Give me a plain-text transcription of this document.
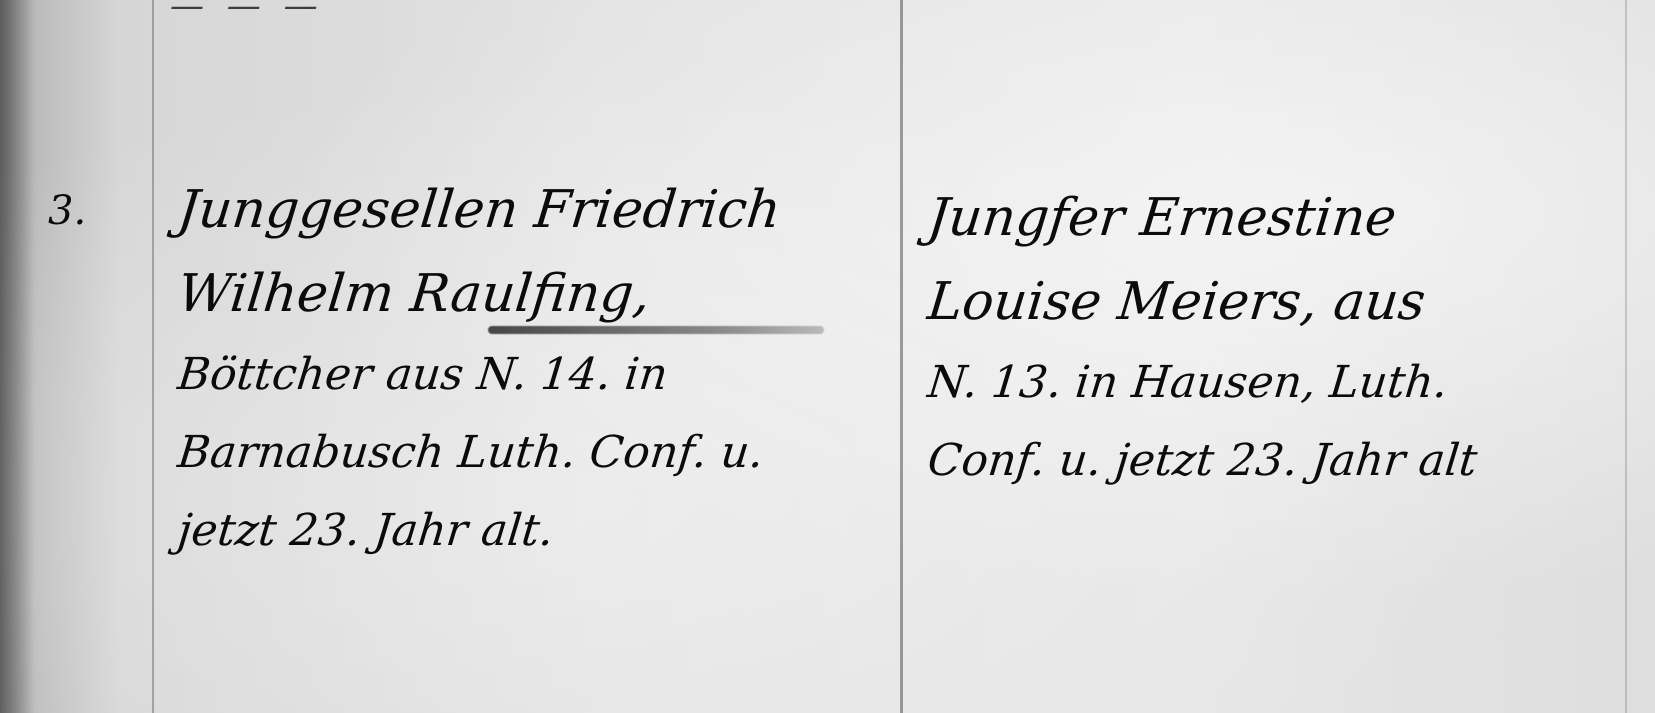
— — —
3. Junggesellen Friedrich
Wilhelm Raulfing,
Böttcher aus N. 14. in
Barnabusch Luth. Conf. u.
jetzt 23. Jahr alt.
Jungfer Ernestine
Louise Meiers, aus
N. 13. in Hausen, Luth.
Conf. u. jetzt 23. Jahr alt
